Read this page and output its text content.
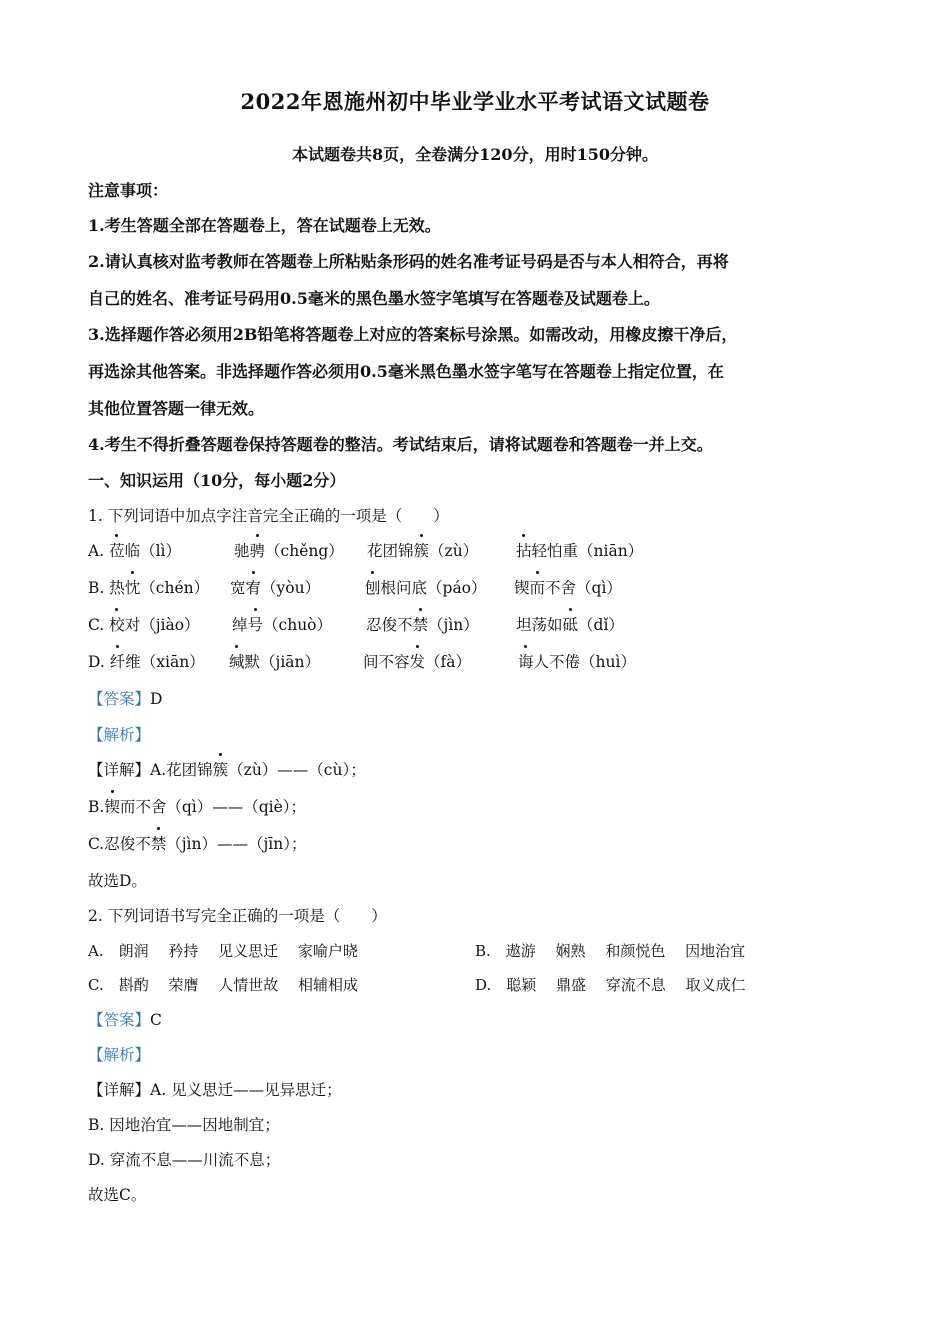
2022年恩施州初中毕业学业水平考试语文试题卷
本试题卷共8页，全卷满分120分，用时150分钟。
注意事项：
1.考生答题全部在答题卷上，答在试题卷上无效。
2.请认真核对监考教师在答题卷上所粘贴条形码的姓名准考证号码是否与本人相符合，再将
自己的姓名、准考证号码用0.5毫米的黑色墨水签字笔填写在答题卷及试题卷上。
3.选择题作答必须用2B铅笔将答题卷上对应的答案标号涂黑。如需改动，用橡皮擦干净后，
再选涂其他答案。非选择题作答必须用0.5毫米黑色墨水签字笔写在答题卷上指定位置，在
其他位置答题一律无效。
4.考生不得折叠答题卷保持答题卷的整洁。考试结束后，请将试题卷和答题卷一并上交。
一、知识运用（10分，每小题2分）
1. 下列词语中加点字注音完全正确的一项是（　　）
A. 莅临（lì）	驰骋（chěng） 花团锦簇（zù） 拈轻怕重（niān）
B. 热忱（chén） 宽宥（yòu）	刨根问底（páo） 锲而不舍（qì）
C. 校对（jiào） 绰号（chuò） 忍俊不禁（jìn） 坦荡如砥（dǐ）
D. 纤维（xiān） 缄默（jiān）	间不容发（fà）	诲人不倦（huì）
【答案】D
【解析】
【详解】A.花团锦簇（zù）——（cù）；
B.锲而不舍（qì）——（qiè）；
C.忍俊不禁（jìn）——（jīn）；
故选D。
2. 下列词语书写完全正确的一项是（　　）
A.　朗润　 矜持　 见义思迁　 家喻户晓	B.　遨游　 娴熟　 和颜悦色　 因地治宜
C.　斟酌　 荣膺　 人情世故　 相辅相成	D.　聪颖　 鼎盛　 穿流不息　 取义成仁
【答案】C
【解析】
【详解】A. 见义思迁——见异思迁；
B. 因地治宜——因地制宜；
D. 穿流不息——川流不息；
故选C。
